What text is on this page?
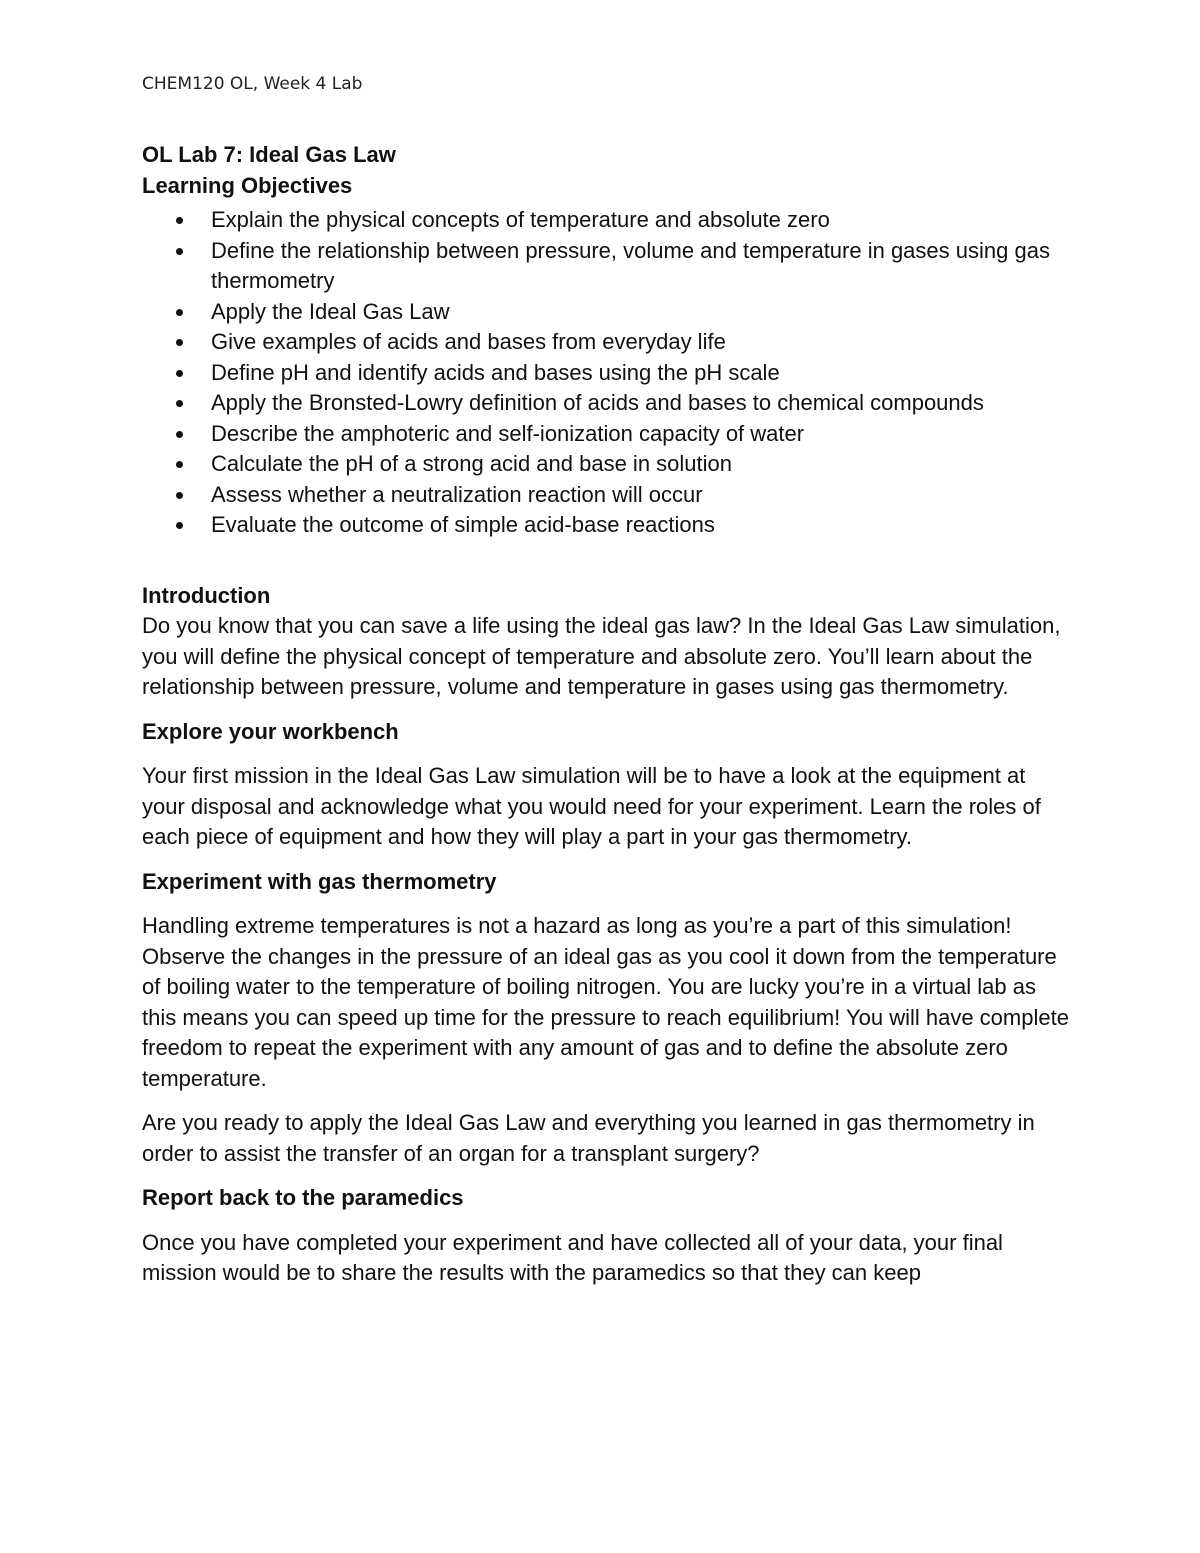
CHEM120 OL, Week 4 Lab
OL Lab 7: Ideal Gas Law
Learning Objectives
Explain the physical concepts of temperature and absolute zero
Define the relationship between pressure, volume and temperature in gases using gas thermometry
Apply the Ideal Gas Law
Give examples of acids and bases from everyday life
Define pH and identify acids and bases using the pH scale
Apply the Bronsted-Lowry definition of acids and bases to chemical compounds
Describe the amphoteric and self-ionization capacity of water
Calculate the pH of a strong acid and base in solution
Assess whether a neutralization reaction will occur
Evaluate the outcome of simple acid-base reactions
Introduction

Do you know that you can save a life using the ideal gas law? In the Ideal Gas Law simulation, you will define the physical concept of temperature and absolute zero. You’ll learn about the relationship between pressure, volume and temperature in gases using gas thermometry.

Explore your workbench

Your first mission in the Ideal Gas Law simulation will be to have a look at the equipment at your disposal and acknowledge what you would need for your experiment. Learn the roles of each piece of equipment and how they will play a part in your gas thermometry.

Experiment with gas thermometry

Handling extreme temperatures is not a hazard as long as you’re a part of this simulation! Observe the changes in the pressure of an ideal gas as you cool it down from the temperature of boiling water to the temperature of boiling nitrogen. You are lucky you’re in a virtual lab as this means you can speed up time for the pressure to reach equilibrium! You will have complete freedom to repeat the experiment with any amount of gas and to define the absolute zero temperature.

Are you ready to apply the Ideal Gas Law and everything you learned in gas thermometry in order to assist the transfer of an organ for a transplant surgery?

Report back to the paramedics

Once you have completed your experiment and have collected all of your data, your final mission would be to share the results with the paramedics so that they can keep
